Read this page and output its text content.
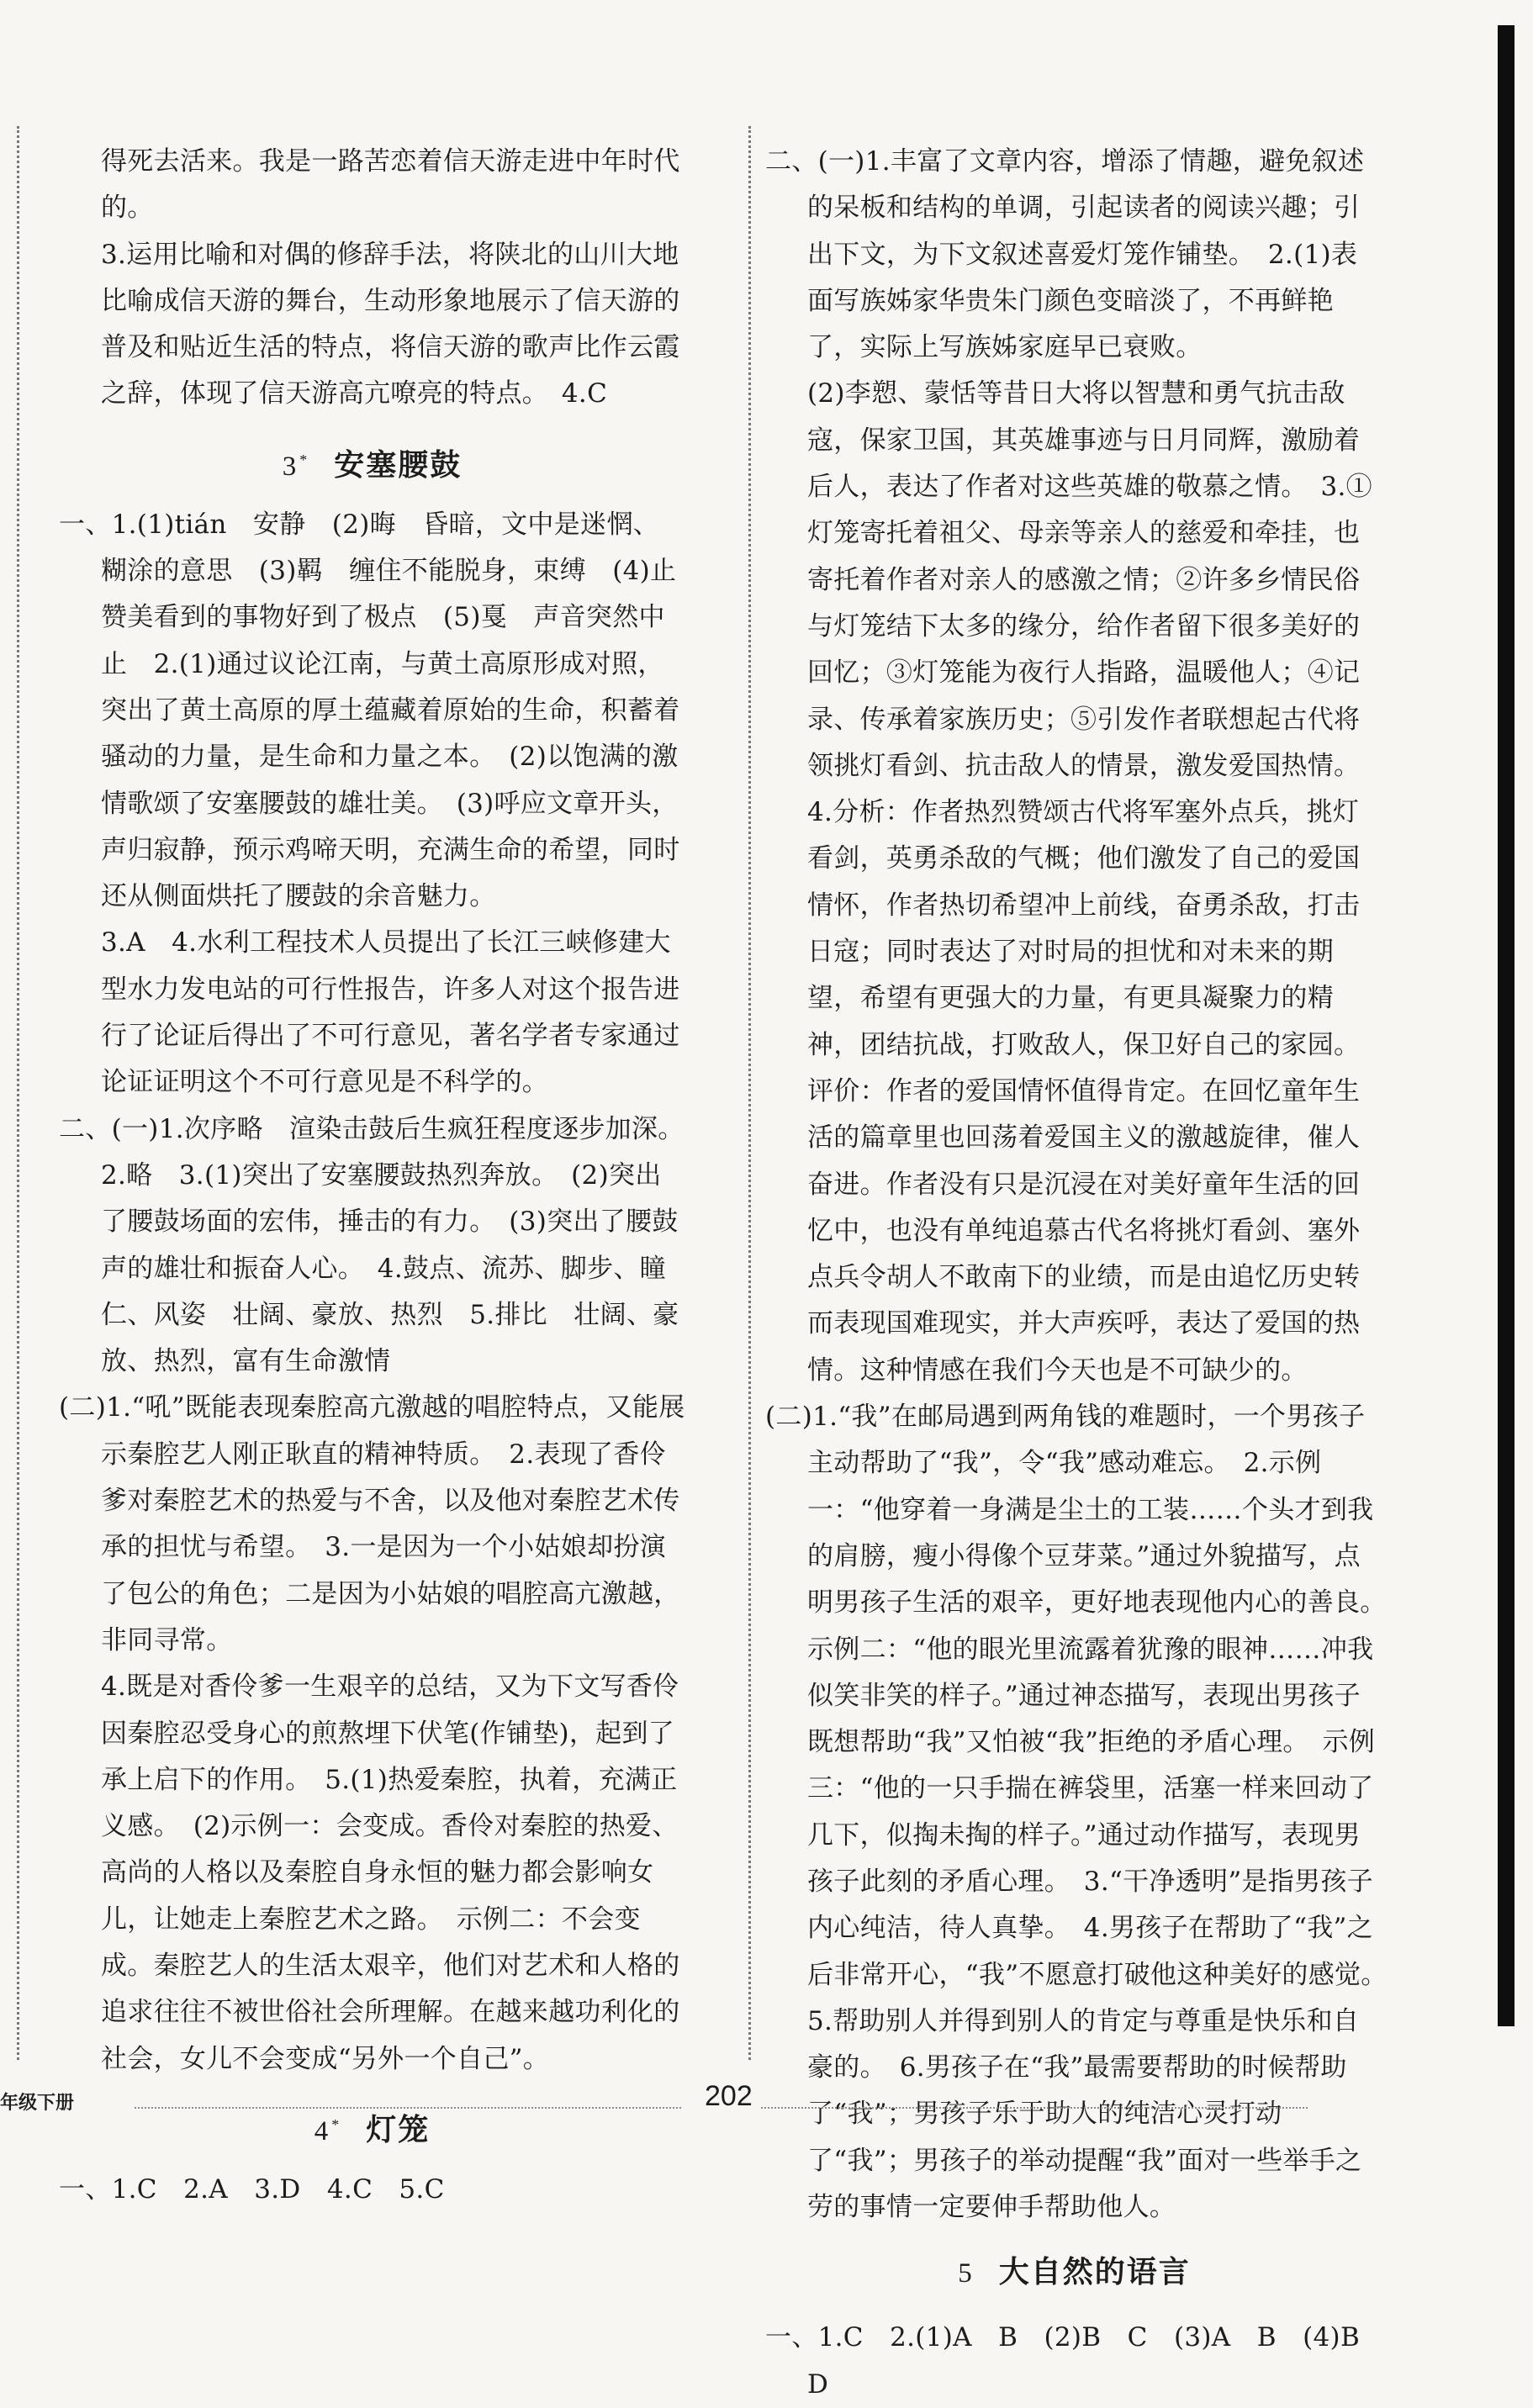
得死去活来。我是一路苦恋着信天游走进中年时代的。

3.运用比喻和对偶的修辞手法，将陕北的山川大地比喻成信天游的舞台，生动形象地展示了信天游的普及和贴近生活的特点，将信天游的歌声比作云霞之辞，体现了信天游高亢嘹亮的特点。　4.C

3 * 安塞腰鼓

一、1.(1)tián　安静　(2)晦　昏暗，文中是迷惘、糊涂的意思　(3)羁　缠住不能脱身，束缚　(4)止　赞美看到的事物好到了极点　(5)戛　声音突然中止　2.(1)通过议论江南，与黄土高原形成对照，突出了黄土高原的厚土蕴藏着原始的生命，积蓄着骚动的力量，是生命和力量之本。　(2)以饱满的激情歌颂了安塞腰鼓的雄壮美。　(3)呼应文章开头，声归寂静，预示鸡啼天明，充满生命的希望，同时还从侧面烘托了腰鼓的余音魅力。

3.A　4.水利工程技术人员提出了长江三峡修建大型水力发电站的可行性报告，许多人对这个报告进行了论证后得出了不可行意见，著名学者专家通过论证证明这个不可行意见是不科学的。

二、(一)1.次序略　渲染击鼓后生疯狂程度逐步加深。

2.略　3.(1)突出了安塞腰鼓热烈奔放。　(2)突出了腰鼓场面的宏伟，捶击的有力。　(3)突出了腰鼓声的雄壮和振奋人心。　4.鼓点、流苏、脚步、瞳仁、风姿　壮阔、豪放、热烈　5.排比　壮阔、豪放、热烈，富有生命激情

(二)1.“吼”既能表现秦腔高亢激越的唱腔特点，又能展示秦腔艺人刚正耿直的精神特质。　2.表现了香伶爹对秦腔艺术的热爱与不舍，以及他对秦腔艺术传承的担忧与希望。　3.一是因为一个小姑娘却扮演了包公的角色；二是因为小姑娘的唱腔高亢激越，非同寻常。

4.既是对香伶爹一生艰辛的总结，又为下文写香伶因秦腔忍受身心的煎熬埋下伏笔(作铺垫)，起到了承上启下的作用。　5.(1)热爱秦腔，执着，充满正义感。　(2)示例一：会变成。香伶对秦腔的热爱、高尚的人格以及秦腔自身永恒的魅力都会影响女儿，让她走上秦腔艺术之路。　示例二：不会变成。秦腔艺人的生活太艰辛，他们对艺术和人格的追求往往不被世俗社会所理解。在越来越功利化的社会，女儿不会变成“另外一个自己”。

4 * 灯笼

一、1.C　2.A　3.D　4.C　5.C

二、(一)1.丰富了文章内容，增添了情趣，避免叙述的呆板和结构的单调，引起读者的阅读兴趣；引出下文，为下文叙述喜爱灯笼作铺垫。　2.(1)表面写族姊家华贵朱门颜色变暗淡了，不再鲜艳了，实际上写族姊家庭早已衰败。

(2)李愬、蒙恬等昔日大将以智慧和勇气抗击敌寇，保家卫国，其英雄事迹与日月同辉，激励着后人，表达了作者对这些英雄的敬慕之情。　3.①灯笼寄托着祖父、母亲等亲人的慈爱和牵挂，也寄托着作者对亲人的感激之情；②许多乡情民俗与灯笼结下太多的缘分，给作者留下很多美好的回忆；③灯笼能为夜行人指路，温暖他人；④记录、传承着家族历史；⑤引发作者联想起古代将领挑灯看剑、抗击敌人的情景，激发爱国热情。　4.分析：作者热烈赞颂古代将军塞外点兵，挑灯看剑，英勇杀敌的气概；他们激发了自己的爱国情怀，作者热切希望冲上前线，奋勇杀敌，打击日寇；同时表达了对时局的担忧和对未来的期望，希望有更强大的力量，有更具凝聚力的精神，团结抗战，打败敌人，保卫好自己的家园。评价：作者的爱国情怀值得肯定。在回忆童年生活的篇章里也回荡着爱国主义的激越旋律，催人奋进。作者没有只是沉浸在对美好童年生活的回忆中，也没有单纯追慕古代名将挑灯看剑、塞外点兵令胡人不敢南下的业绩，而是由追忆历史转而表现国难现实，并大声疾呼，表达了爱国的热情。这种情感在我们今天也是不可缺少的。

(二)1.“我”在邮局遇到两角钱的难题时，一个男孩子主动帮助了“我”，令“我”感动难忘。　2.示例一：“他穿着一身满是尘土的工装……个头才到我的肩膀，瘦小得像个豆芽菜。”通过外貌描写，点明男孩子生活的艰辛，更好地表现他内心的善良。　示例二：“他的眼光里流露着犹豫的眼神……冲我似笑非笑的样子。”通过神态描写，表现出男孩子既想帮助“我”又怕被“我”拒绝的矛盾心理。　示例三：“他的一只手揣在裤袋里，活塞一样来回动了几下，似掏未掏的样子。”通过动作描写，表现男孩子此刻的矛盾心理。　3.“干净透明”是指男孩子内心纯洁，待人真挚。　4.男孩子在帮助了“我”之后非常开心，“我”不愿意打破他这种美好的感觉。　5.帮助别人并得到别人的肯定与尊重是快乐和自豪的。　6.男孩子在“我”最需要帮助的时候帮助了“我”；男孩子乐于助人的纯洁心灵打动了“我”；男孩子的举动提醒“我”面对一些举手之劳的事情一定要伸手帮助他人。

5 大自然的语言

一、1.C　2.(1)A　B　(2)B　C　(3)A　B　(4)B　D

年级下册	202
